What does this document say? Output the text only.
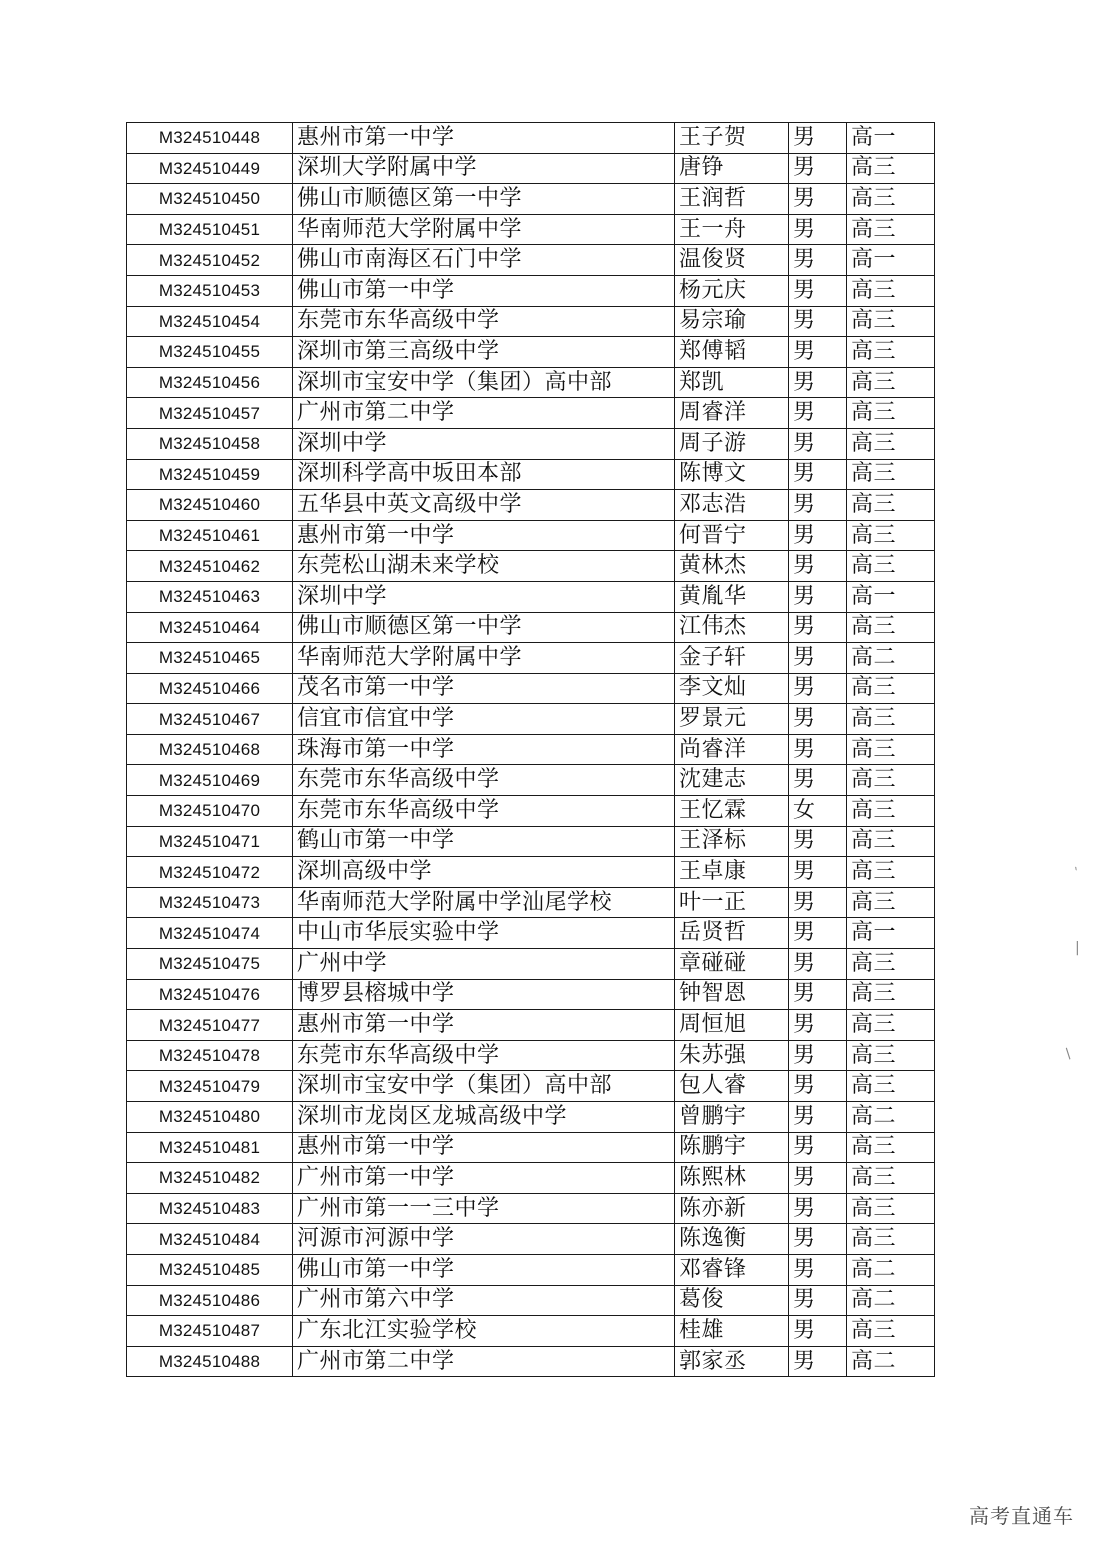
M324510448	惠州市第一中学	王子贺	男	高一
M324510449	深圳大学附属中学	唐铮	男	高三
M324510450	佛山市顺德区第一中学	王润哲	男	高三
M324510451	华南师范大学附属中学	王一舟	男	高三
M324510452	佛山市南海区石门中学	温俊贤	男	高一
M324510453	佛山市第一中学	杨元庆	男	高三
M324510454	东莞市东华高级中学	易宗瑜	男	高三
M324510455	深圳市第三高级中学	郑傅韬	男	高三
M324510456	深圳市宝安中学（集团）高中部	郑凯	男	高三
M324510457	广州市第二中学	周睿洋	男	高三
M324510458	深圳中学	周子游	男	高三
M324510459	深圳科学高中坂田本部	陈博文	男	高三
M324510460	五华县中英文高级中学	邓志浩	男	高三
M324510461	惠州市第一中学	何晋宁	男	高三
M324510462	东莞松山湖未来学校	黄林杰	男	高三
M324510463	深圳中学	黄胤华	男	高一
M324510464	佛山市顺德区第一中学	江伟杰	男	高三
M324510465	华南师范大学附属中学	金子轩	男	高二
M324510466	茂名市第一中学	李文灿	男	高三
M324510467	信宜市信宜中学	罗景元	男	高三
M324510468	珠海市第一中学	尚睿洋	男	高三
M324510469	东莞市东华高级中学	沈建志	男	高三
M324510470	东莞市东华高级中学	王忆霖	女	高三
M324510471	鹤山市第一中学	王泽标	男	高三
M324510472	深圳高级中学	王卓康	男	高三
M324510473	华南师范大学附属中学汕尾学校	叶一正	男	高三
M324510474	中山市华辰实验中学	岳贤哲	男	高一
M324510475	广州中学	章碰碰	男	高三
M324510476	博罗县榕城中学	钟智恩	男	高三
M324510477	惠州市第一中学	周恒旭	男	高三
M324510478	东莞市东华高级中学	朱苏强	男	高三
M324510479	深圳市宝安中学（集团）高中部	包人睿	男	高三
M324510480	深圳市龙岗区龙城高级中学	曾鹏宇	男	高二
M324510481	惠州市第一中学	陈鹏宇	男	高三
M324510482	广州市第一中学	陈熙林	男	高三
M324510483	广州市第一一三中学	陈亦新	男	高三
M324510484	河源市河源中学	陈逸衡	男	高三
M324510485	佛山市第一中学	邓睿锋	男	高二
M324510486	广州市第六中学	葛俊	男	高二
M324510487	广东北江实验学校	桂雄	男	高三
M324510488	广州市第二中学	郭家丞	男	高二
`
|
/
高考直通车
